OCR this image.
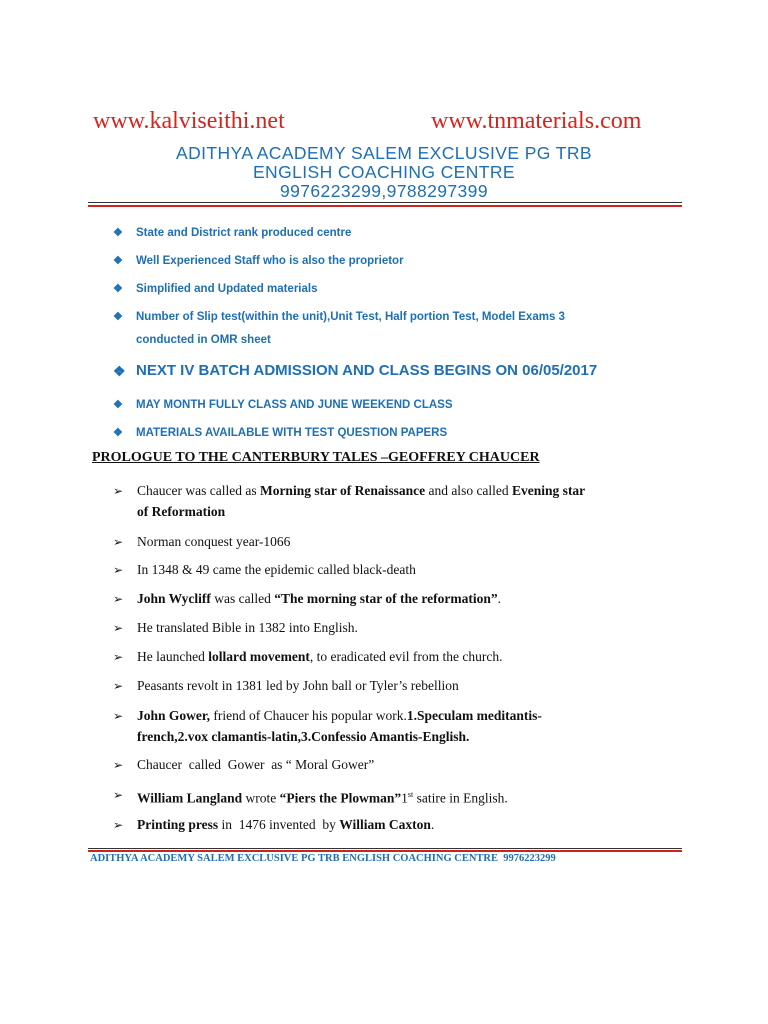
www.kalviseithi.net	www.tnmaterials.com
ADITHYA ACADEMY SALEM EXCLUSIVE PG TRB
ENGLISH COACHING CENTRE
9976223299,9788297399
❖	State and District rank produced centre
❖	Well Experienced Staff who is also the proprietor
❖	Simplified and Updated materials
❖	Number of Slip test(within the unit),Unit Test, Half portion Test, Model Exams 3
conducted in OMR sheet
❖ NEXT IV BATCH ADMISSION AND CLASS BEGINS ON 06/05/2017
❖	MAY MONTH FULLY CLASS AND JUNE WEEKEND CLASS
❖	MATERIALS AVAILABLE WITH TEST QUESTION PAPERS
PROLOGUE TO THE CANTERBURY TALES –GEOFFREY CHAUCER
➢ Chaucer was called as Morning star of Renaissance and also called Evening star
of Reformation
➢ Norman conquest year-1066
➢ In 1348 & 49 came the epidemic called black-death
➢ John Wycliff was called “The morning star of the reformation”.
➢ He translated Bible in 1382 into English.
➢ He launched lollard movement, to eradicated evil from the church.
➢ Peasants revolt in 1381 led by John ball or Tyler’s rebellion
➢ John Gower, friend of Chaucer his popular work.1.Speculam meditantis-
french,2.vox clamantis-latin,3.Confessio Amantis-English.
➢ Chaucer  called  Gower  as “ Moral Gower”
➢ William Langland wrote “Piers the Plowman”1st satire in English.
➢ Printing press in  1476 invented  by William Caxton.
ADITHYA ACADEMY SALEM EXCLUSIVE PG TRB ENGLISH COACHING CENTRE  9976223299
